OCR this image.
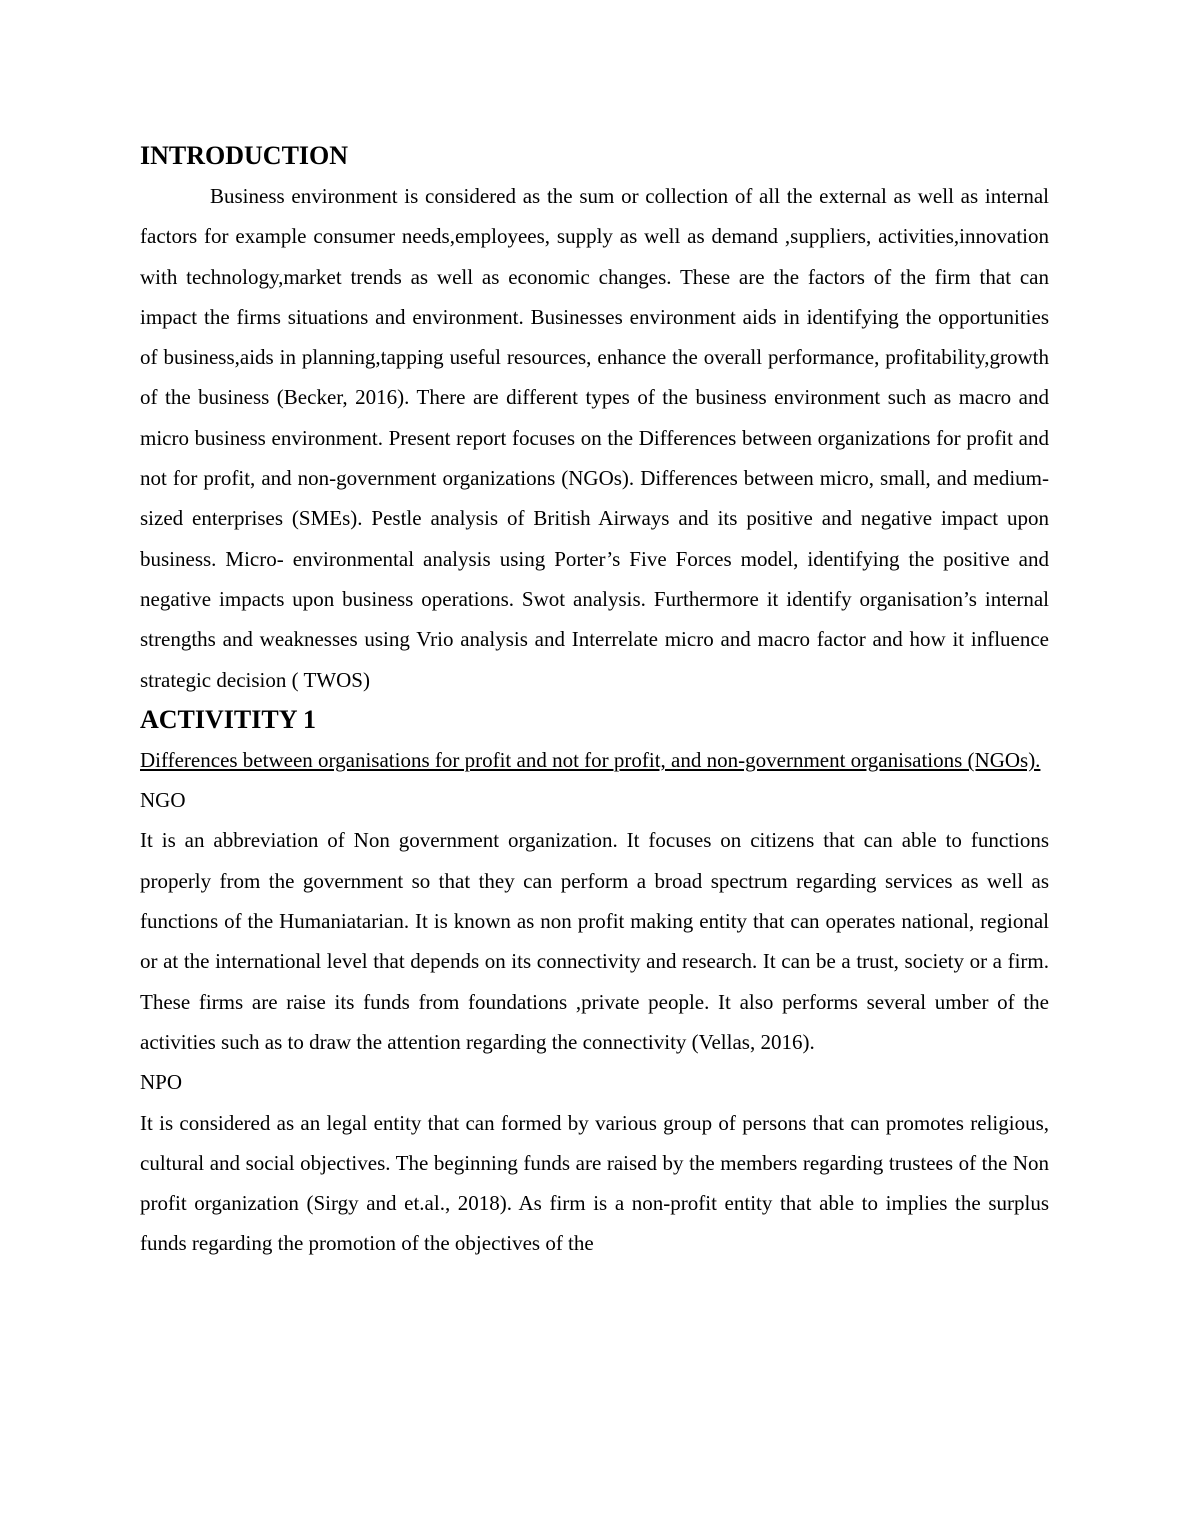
INTRODUCTION

Business environment is considered as the sum or collection of all the external as well as internal factors for example consumer needs,employees, supply as well as demand ,suppliers, activities,innovation with technology,market trends as well as economic changes. These are the factors of the firm that can impact the firms situations and environment. Businesses environment aids in identifying the opportunities of business,aids in planning,tapping useful resources, enhance the overall performance, profitability,growth of the business (Becker, 2016). There are different types of the business environment such as macro and micro business environment. Present report focuses on the Differences between organizations for profit and not for profit, and non-government organizations (NGOs). Differences between micro, small, and medium-sized enterprises (SMEs). Pestle analysis of British Airways and its positive and negative impact upon business. Micro- environmental analysis using Porter’s Five Forces model, identifying the positive and negative impacts upon business operations. Swot analysis. Furthermore it identify organisation’s internal strengths and weaknesses using Vrio analysis and Interrelate micro and macro factor and how it influence strategic decision ( TWOS)

ACTIVITITY 1

Differences between organisations for profit and not for profit, and non-government organisations (NGOs).

NGO

It is an abbreviation of Non government organization. It focuses on citizens that can able to functions properly from the government so that they can perform a broad spectrum regarding services as well as functions of the Humaniatarian. It is known as non profit making entity that can operates national, regional or at the international level that depends on its connectivity and research. It can be a trust, society or a firm. These firms are raise its funds from foundations ,private people. It also performs several umber of the activities such as to draw the attention regarding the connectivity (Vellas, 2016).

NPO

It is considered as an legal entity that can formed by various group of persons that can promotes religious, cultural and social objectives. The beginning funds are raised by the members regarding trustees of the Non profit organization (Sirgy and et.al., 2018). As firm is a non-profit entity that able to implies the surplus funds regarding the promotion of the objectives of the
